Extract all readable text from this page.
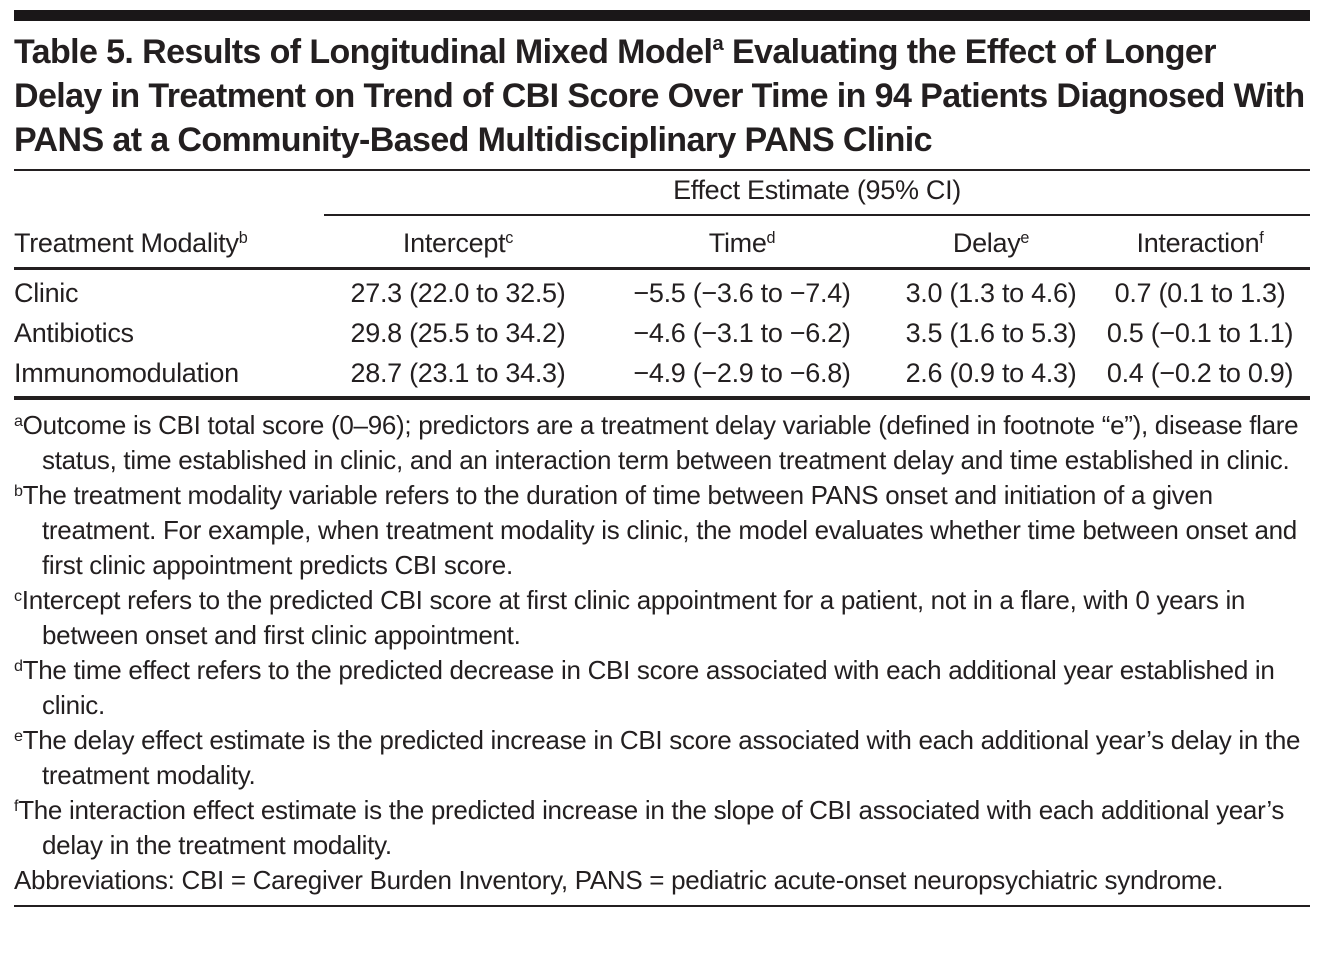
Table 5. Results of Longitudinal Mixed Model$^a$ Evaluating the Effect of Longer Delay in Treatment on Trend of CBI Score Over Time in 94 Patients Diagnosed With PANS at a Community-Based Multidisciplinary PANS Clinic
	Effect Estimate (95% CI)			
Treatment Modality$^b$	Intercept$^c$	Time$^d$	Delay$^e$	Interaction$^f$
Clinic	27.3 (22.0 to 32.5)	−5.5 (−3.6 to −7.4)	3.0 (1.3 to 4.6)	0.7 (0.1 to 1.3)
Antibiotics	29.8 (25.5 to 34.2)	−4.6 (−3.1 to −6.2)	3.5 (1.6 to 5.3)	0.5 (−0.1 to 1.1)
Immunomodulation	28.7 (23.1 to 34.3)	−4.9 (−2.9 to −6.8)	2.6 (0.9 to 4.3)	0.4 (−0.2 to 0.9)

$^a$Outcome is CBI total score (0–96); predictors are a treatment delay variable (defined in footnote “e”), disease flare status, time established in clinic, and an interaction term between treatment delay and time established in clinic.

$^b$The treatment modality variable refers to the duration of time between PANS onset and initiation of a given treatment. For example, when treatment modality is clinic, the model evaluates whether time between onset and first clinic appointment predicts CBI score.

$^c$Intercept refers to the predicted CBI score at first clinic appointment for a patient, not in a flare, with 0 years in between onset and first clinic appointment.

$^d$The time effect refers to the predicted decrease in CBI score associated with each additional year established in clinic.

$^e$The delay effect estimate is the predicted increase in CBI score associated with each additional year’s delay in the treatment modality.

$^f$The interaction effect estimate is the predicted increase in the slope of CBI associated with each additional year’s delay in the treatment modality.

Abbreviations: CBI = Caregiver Burden Inventory, PANS = pediatric acute-onset neuropsychiatric syndrome.
